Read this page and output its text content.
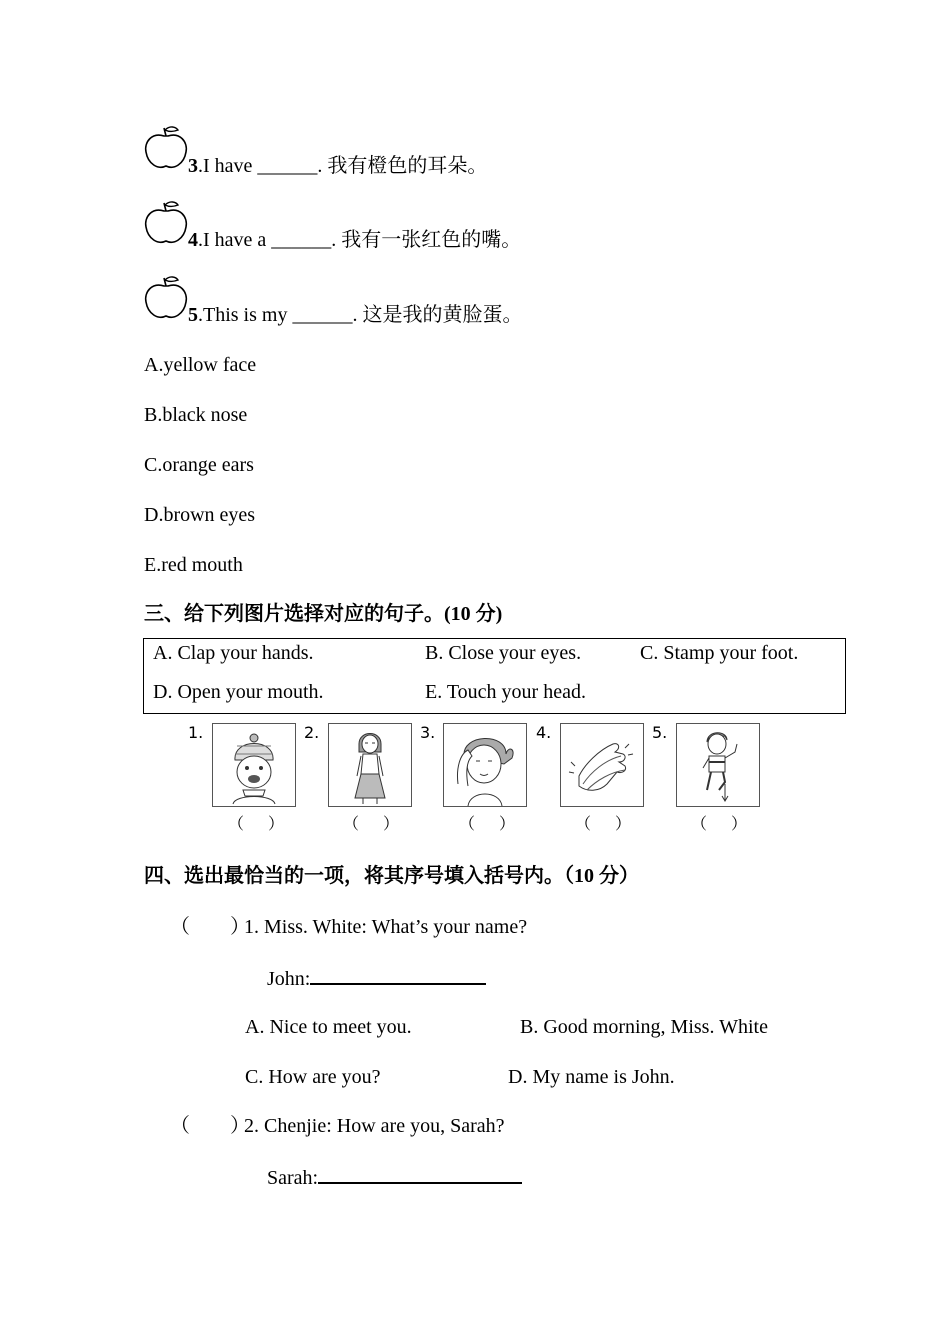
3.I have ______. 我有橙色的耳朵。
4.I have a ______. 我有一张红色的嘴。
5.This is my ______. 这是我的黄脸蛋。
A.yellow face
B.black nose
C.orange ears
D.brown eyes
E.red mouth
三、给下列图片选择对应的句子。(10 分)
A. Clap your hands.	B. Close your eyes.	C. Stamp your foot.
D. Open your mouth.	E. Touch your head.
1.	2.	3.	4.	5.
（ ）	（ ）	（ ）	（ ）	（ ）
四、选出最恰当的一项，将其序号填入括号内。（10 分）
（　　）
1. Miss. White: What’s your name?
John:
A. Nice to meet you.	B. Good morning, Miss. White
C. How are you?	D. My name is John.
（　　）
2. Chenjie: How are you, Sarah?
Sarah:
